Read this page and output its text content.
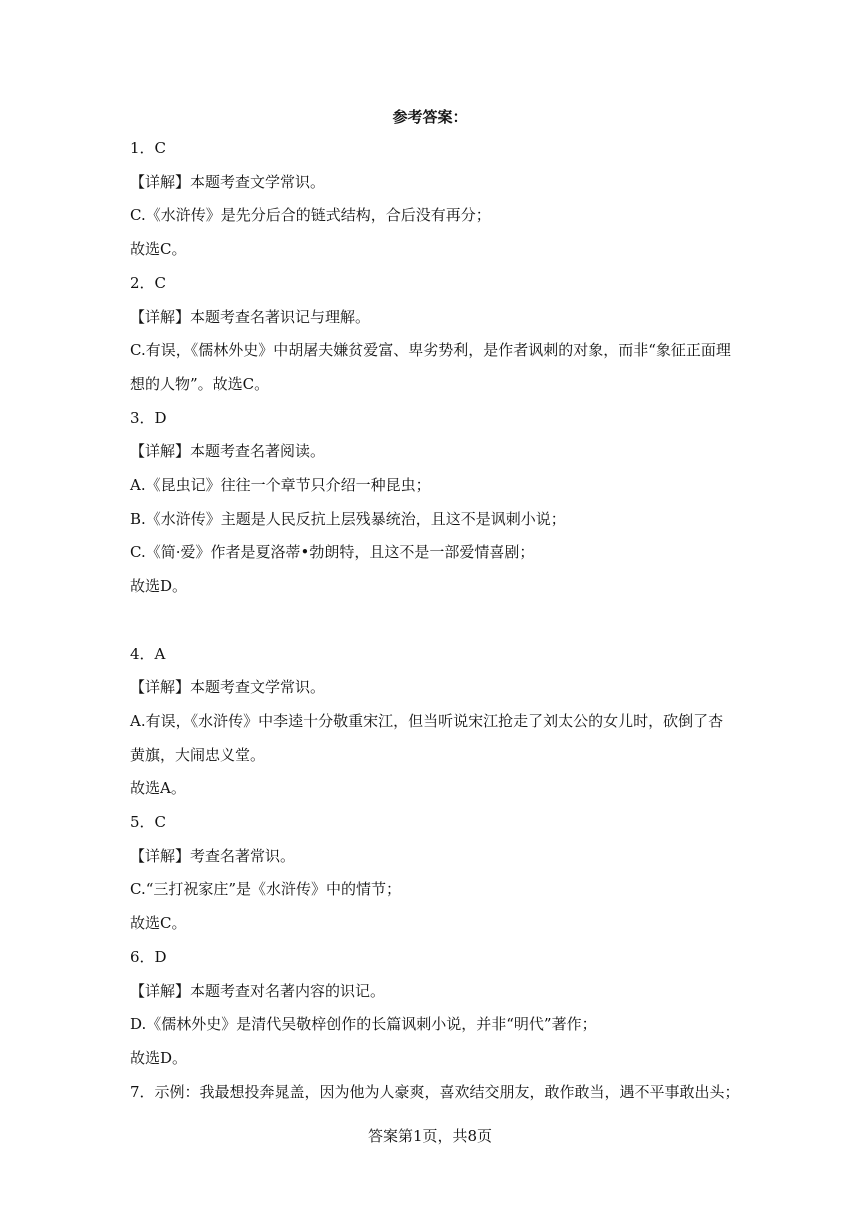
参考答案：
1．C
【详解】本题考查文学常识。
C.《水浒传》是先分后合的链式结构，合后没有再分；
故选C。
2．C
【详解】本题考查名著识记与理解。
C.有误，《儒林外史》中胡屠夫嫌贫爱富、卑劣势利，是作者讽刺的对象，而非“象征正面理
想的人物”。故选C。
3．D
【详解】本题考查名著阅读。
A.《昆虫记》往往一个章节只介绍一种昆虫；
B.《水浒传》主题是人民反抗上层残暴统治，且这不是讽刺小说；
C.《简·爱》作者是夏洛蒂•勃朗特，且这不是一部爱情喜剧；
故选D。
4．A
【详解】本题考查文学常识。
A.有误，《水浒传》中李逵十分敬重宋江，但当听说宋江抢走了刘太公的女儿时，砍倒了杏
黄旗，大闹忠义堂。
故选A。
5．C
【详解】考查名著常识。
C.“三打祝家庄”是《水浒传》中的情节；
故选C。
6．D
【详解】本题考查对名著内容的识记。
D.《儒林外史》是清代吴敬梓创作的长篇讽刺小说，并非“明代”著作；
故选D。
7．示例：我最想投奔晁盖，因为他为人豪爽，喜欢结交朋友，敢作敢当，遇不平事敢出头；
答案第1页，共8页
